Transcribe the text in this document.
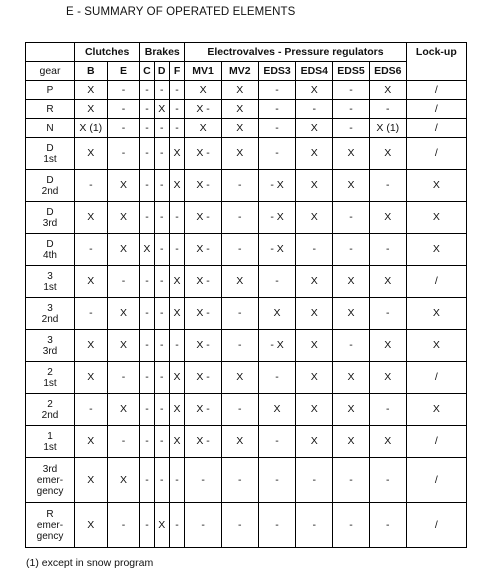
E - SUMMARY OF OPERATED ELEMENTS
	Clutches		Brakes			Electrovalves - Pressure regulators						Lock-up
gear	B	E	C	D	F	MV1	MV2	EDS3	EDS4	EDS5	EDS6	

P	X	-	-	-	-	X	X	-	X	-	X	/

R	X	-	-	X	-	X -	X	-	-	-	-	/

N	X (1)	-	-	-	-	X	X	-	X	-	X (1)	/

D
1st	X	-	-	-	X	X -	X	-	X	X	X	/

D
2nd	-	X	-	-	X	X -	-	- X	X	X	-	X

D
3rd	X	X	-	-	-	X -	-	- X	X	-	X	X

D
4th	-	X	X	-	-	X -	-	- X	-	-	-	X

3
1st	X	-	-	-	X	X -	X	-	X	X	X	/

3
2nd	-	X	-	-	X	X -	-	X	X	X	-	X

3
3rd	X	X	-	-	-	X -	-	- X	X	-	X	X

2
1st	X	-	-	-	X	X -	X	-	X	X	X	/

2
2nd	-	X	-	-	X	X -	-	X	X	X	-	X

1
1st	X	-	-	-	X	X -	X	-	X	X	X	/

3rd
emer-
gency	X	X	-	-	-	-	-	-	-	-	-	/

R
emer-
gency	X	-	-	X	-	-	-	-	-	-	-	/
(1) except in snow program
